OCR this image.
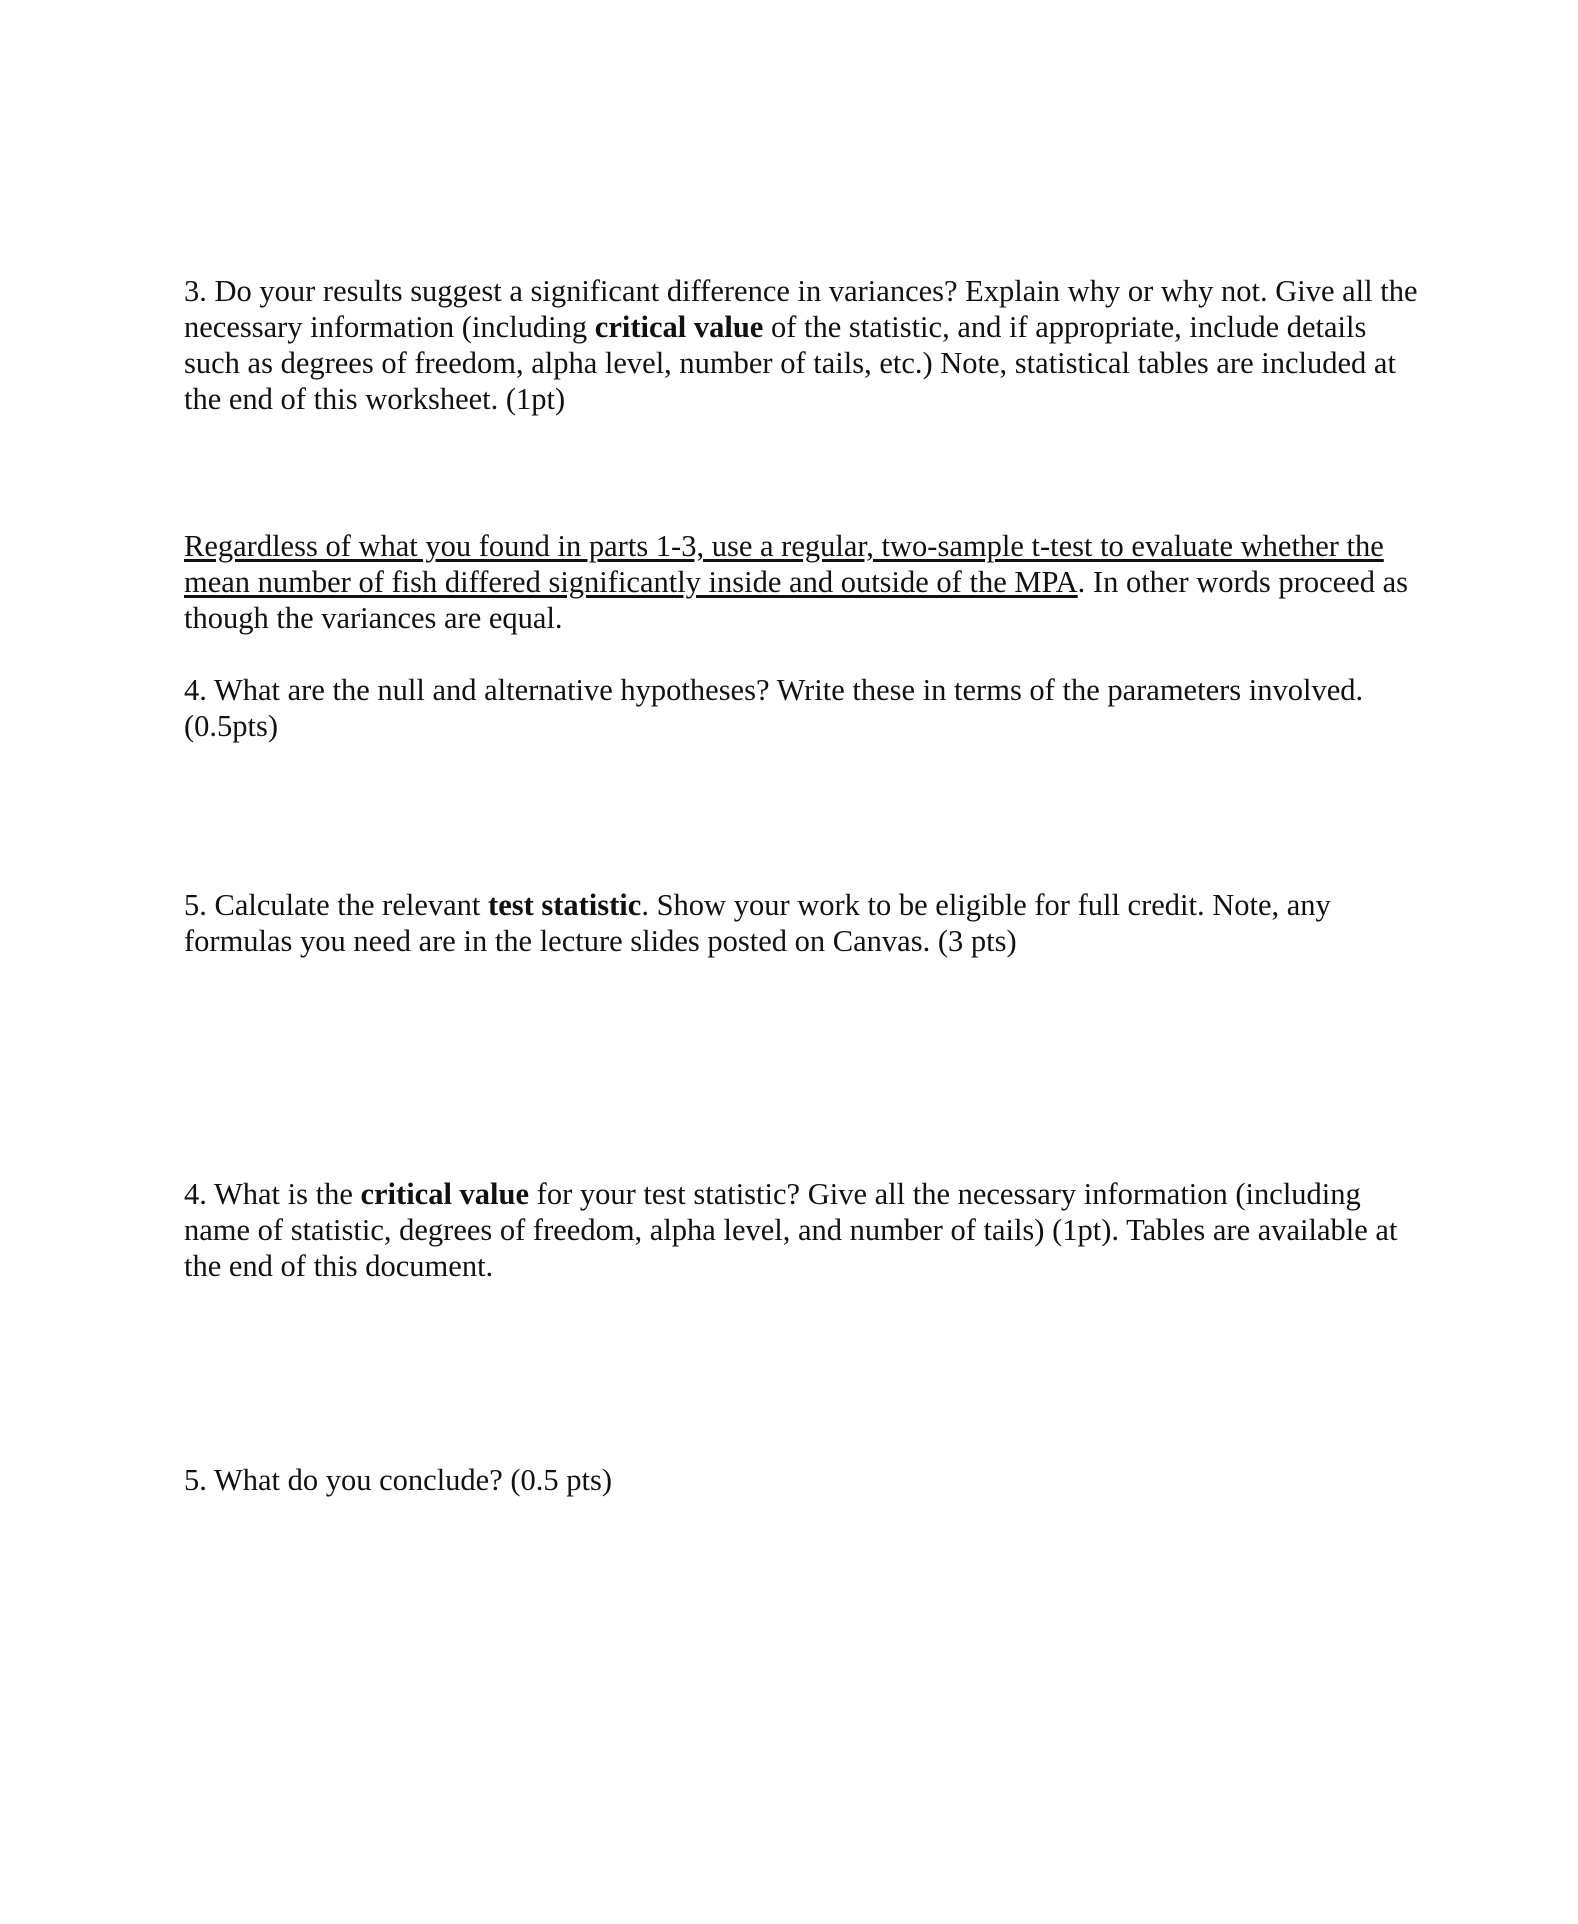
3. Do your results suggest a significant difference in variances? Explain why or why not. Give all the necessary information (including critical value of the statistic, and if appropriate, include details such as degrees of freedom, alpha level, number of tails, etc.) Note, statistical tables are included at the end of this worksheet. (1pt)

Regardless of what you found in parts 1-3, use a regular, two-sample t-test to evaluate whether the mean number of fish differed significantly inside and outside of the MPA. In other words proceed as though the variances are equal.

4. What are the null and alternative hypotheses? Write these in terms of the parameters involved. (0.5pts)

5. Calculate the relevant test statistic. Show your work to be eligible for full credit. Note, any formulas you need are in the lecture slides posted on Canvas. (3 pts)

4. What is the critical value for your test statistic? Give all the necessary information (including name of statistic, degrees of freedom, alpha level, and number of tails) (1pt). Tables are available at the end of this document.

5. What do you conclude? (0.5 pts)
